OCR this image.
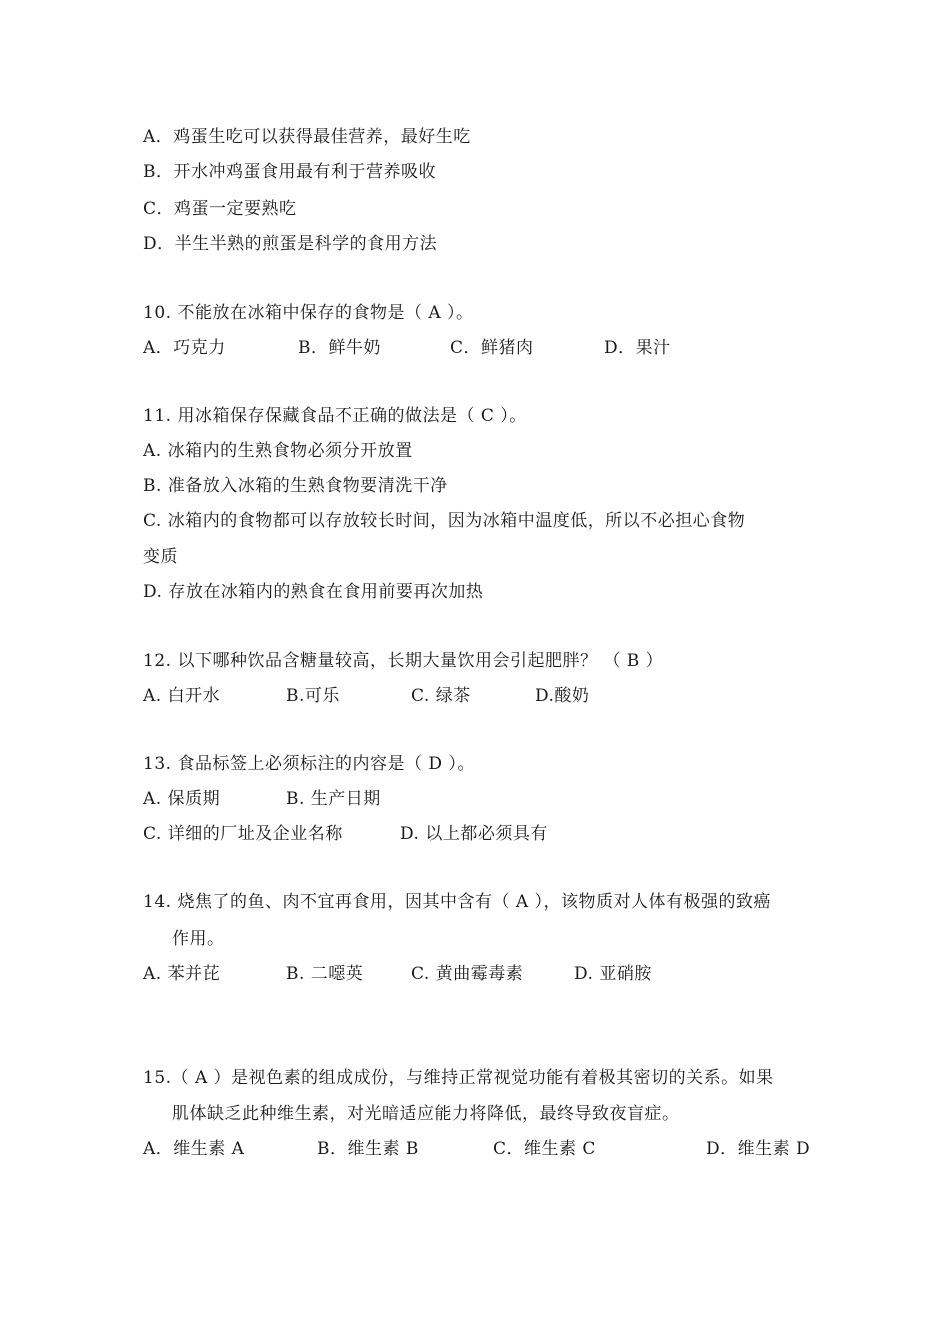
A．鸡蛋生吃可以获得最佳营养，最好生吃
B．开水冲鸡蛋食用最有利于营养吸收
C．鸡蛋一定要熟吃
D．半生半熟的煎蛋是科学的食用方法
10. 不能放在冰箱中保存的食物是（ A ）。
A．巧克力	B．鲜牛奶	C．鲜猪肉	D．果汁
11. 用冰箱保存保藏食品不正确的做法是（ C ）。
A. 冰箱内的生熟食物必须分开放置
B. 准备放入冰箱的生熟食物要清洗干净
C. 冰箱内的食物都可以存放较长时间，因为冰箱中温度低，所以不必担心食物
变质
D. 存放在冰箱内的熟食在食用前要再次加热
12. 以下哪种饮品含糖量较高，长期大量饮用会引起肥胖？ （ B ）
A. 白开水	B.可乐	C. 绿茶	D.酸奶
13. 食品标签上必须标注的内容是（ D ）。
A. 保质期	B. 生产日期
C. 详细的厂址及企业名称	D. 以上都必须具有
14. 烧焦了的鱼、肉不宜再食用，因其中含有（ A ），该物质对人体有极强的致癌
作用。
A. 苯并芘	B. 二噁英	C. 黄曲霉毒素	D. 亚硝胺
15.（ A ）是视色素的组成成份，与维持正常视觉功能有着极其密切的关系。如果
肌体缺乏此种维生素，对光暗适应能力将降低，最终导致夜盲症。
A．维生素 A	B．维生素 B	C．维生素 C	D．维生素 D
